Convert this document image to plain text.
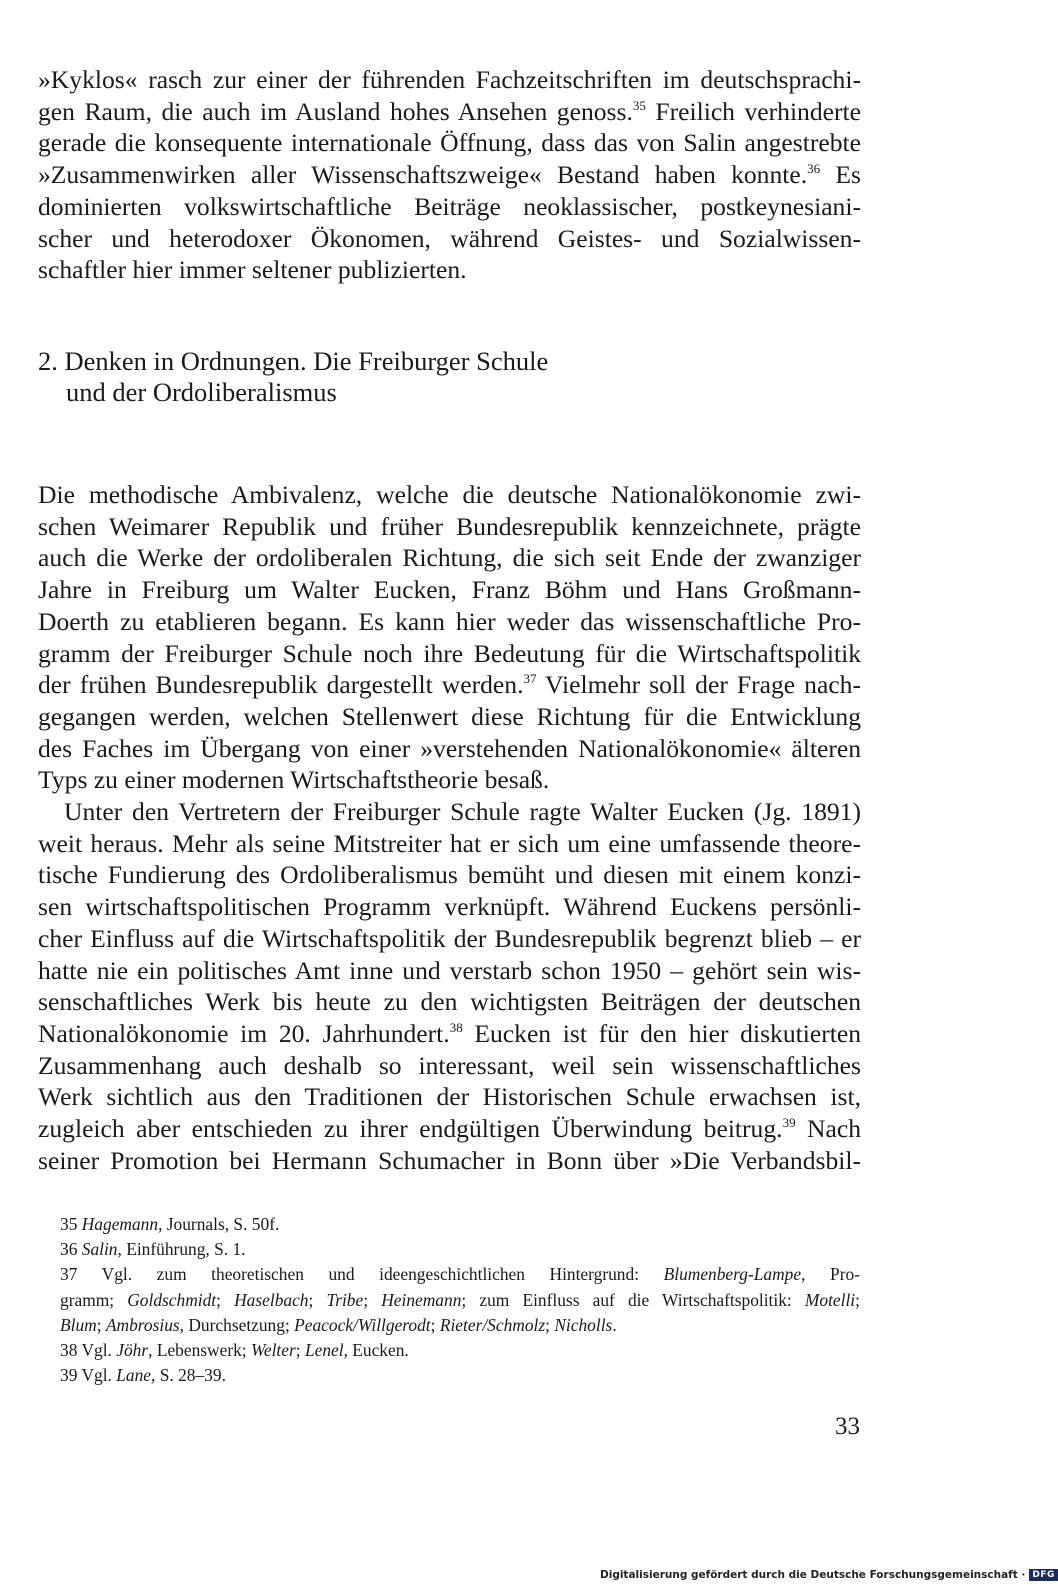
»Kyklos« rasch zur einer der führenden Fachzeitschriften im deutschsprachi-
gen Raum, die auch im Ausland hohes Ansehen genoss.$^{35}$ Freilich verhinderte
gerade die konsequente internationale Öffnung, dass das von Salin angestrebte
»Zusammenwirken aller Wissenschaftszweige« Bestand haben konnte.$^{36}$ Es
dominierten volkswirtschaftliche Beiträge neoklassischer, postkeynesiani-
scher und heterodoxer Ökonomen, während Geistes- und Sozialwissen-
schaftler hier immer seltener publizierten.
2. Denken in Ordnungen. Die Freiburger Schule
und der Ordoliberalismus
Die methodische Ambivalenz, welche die deutsche Nationalökonomie zwi-
schen Weimarer Republik und früher Bundesrepublik kennzeichnete, prägte
auch die Werke der ordoliberalen Richtung, die sich seit Ende der zwanziger
Jahre in Freiburg um Walter Eucken, Franz Böhm und Hans Großmann-
Doerth zu etablieren begann. Es kann hier weder das wissenschaftliche Pro-
gramm der Freiburger Schule noch ihre Bedeutung für die Wirtschaftspolitik
der frühen Bundesrepublik dargestellt werden.$^{37}$ Vielmehr soll der Frage nach-
gegangen werden, welchen Stellenwert diese Richtung für die Entwicklung
des Faches im Übergang von einer »verstehenden Nationalökonomie« älteren
Typs zu einer modernen Wirtschaftstheorie besaß.
Unter den Vertretern der Freiburger Schule ragte Walter Eucken (Jg. 1891)
weit heraus. Mehr als seine Mitstreiter hat er sich um eine umfassende theore-
tische Fundierung des Ordoliberalismus bemüht und diesen mit einem konzi-
sen wirtschaftspolitischen Programm verknüpft. Während Euckens persönli-
cher Einfluss auf die Wirtschaftspolitik der Bundesrepublik begrenzt blieb – er
hatte nie ein politisches Amt inne und verstarb schon 1950 – gehört sein wis-
senschaftliches Werk bis heute zu den wichtigsten Beiträgen der deutschen
Nationalökonomie im 20. Jahrhundert.$^{38}$ Eucken ist für den hier diskutierten
Zusammenhang auch deshalb so interessant, weil sein wissenschaftliches
Werk sichtlich aus den Traditionen der Historischen Schule erwachsen ist,
zugleich aber entschieden zu ihrer endgültigen Überwindung beitrug.$^{39}$ Nach
seiner Promotion bei Hermann Schumacher in Bonn über »Die Verbandsbil-
35 Hagemann, Journals, S. 50f.
36 Salin, Einführung, S. 1.
37 Vgl. zum theoretischen und ideengeschichtlichen Hintergrund: Blumenberg-Lampe, Pro-
gramm; Goldschmidt; Haselbach; Tribe; Heinemann; zum Einfluss auf die Wirtschaftspolitik: Motelli;
Blum; Ambrosius, Durchsetzung; Peacock/Willgerodt; Rieter/Schmolz; Nicholls.
38 Vgl. Jöhr, Lebenswerk; Welter; Lenel, Eucken.
39 Vgl. Lane, S. 28–39.
33
Digitalisierung gefördert durch die Deutsche Forschungsgemeinschaft · DFG
